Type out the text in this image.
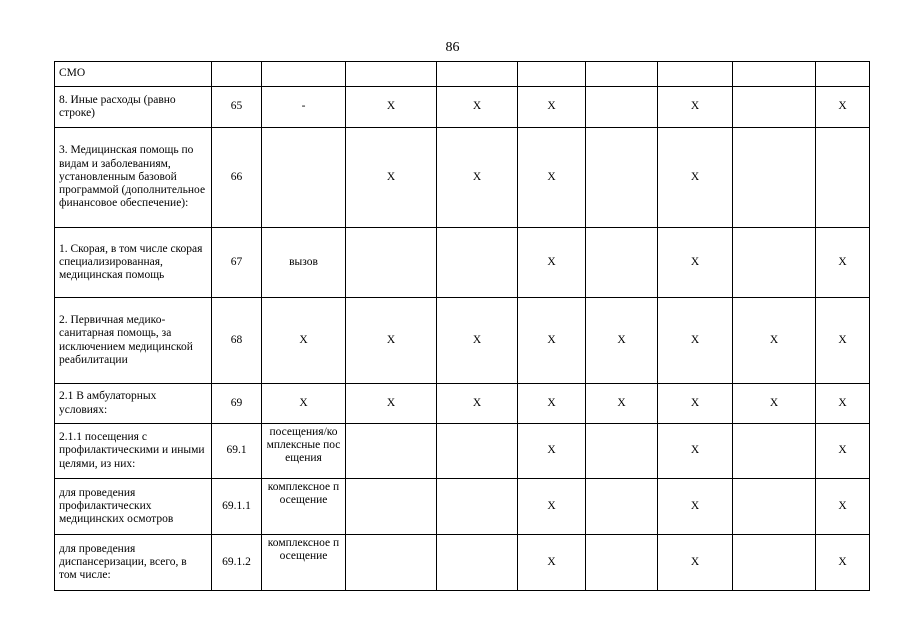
86
СМО									
8. Иные расходы (равно строке)	65	-	X	X	X		X		X
3. Медицинская помощь по видам и заболеваниям, установленным базовой программой (дополнительное финансовое обеспечение):	66		X	X	X		X		
1. Скорая, в том числе скорая специализированная, медицинская помощь	67	вызов			X		X		X
2. Первичная медико-санитарная помощь, за исключением медицинской реабилитации	68	X	X	X	X	X	X	X	X
2.1 В амбулаторных условиях:	69	X	X	X	X	X	X	X	X
2.1.1 посещения с профилактическими и иными целями, из них:	69.1	посещения/комплексные посещения			X		X		X
для проведения профилактических медицинских осмотров	69.1.1	комплексное посещение			X		X		X
для проведения диспансеризации, всего, в том числе:	69.1.2	комплексное посещение			X		X		X
